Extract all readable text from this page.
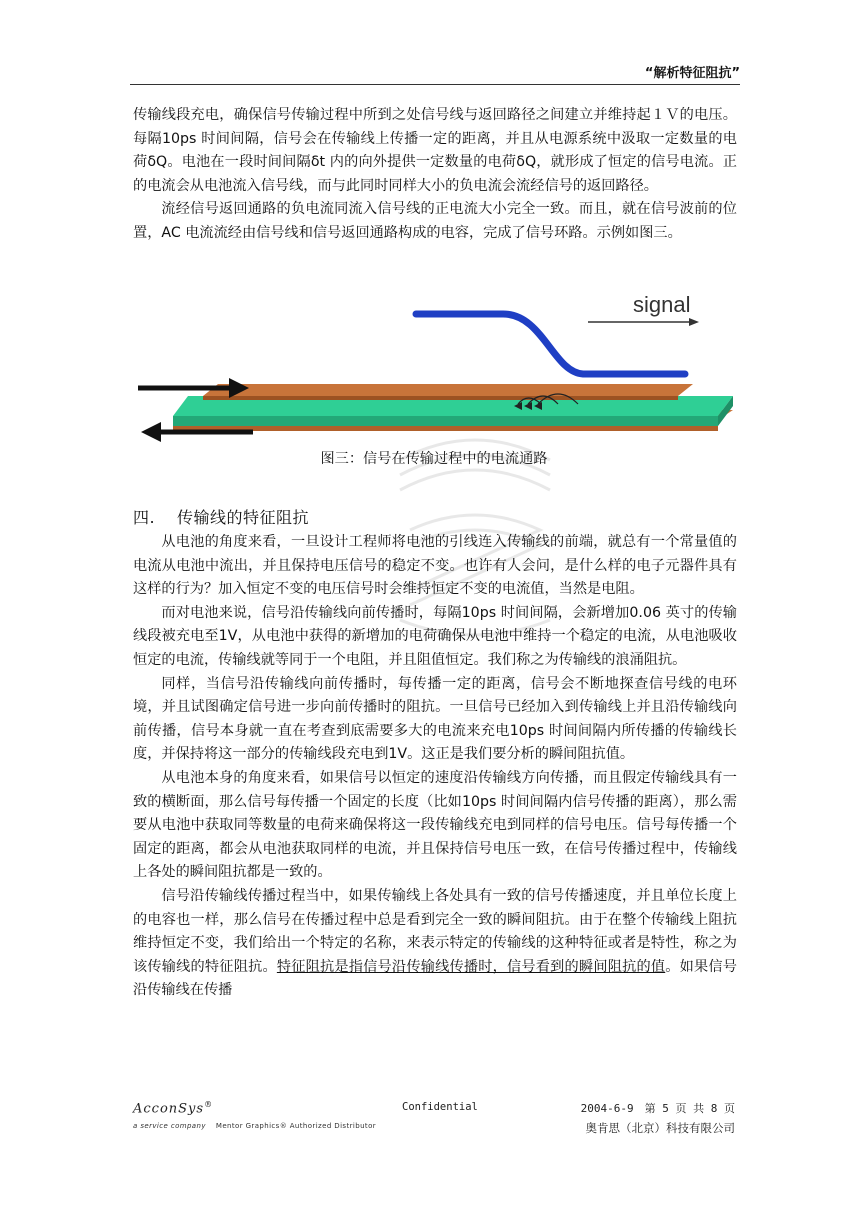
“解析特征阻抗”

传输线段充电，确保信号传输过程中所到之处信号线与返回路径之间建立并维持起１Ｖ的电压。每隔10ps 时间间隔，信号会在传输线上传播一定的距离，并且从电源系统中汲取一定数量的电荷δQ。电池在一段时间间隔δt 内的向外提供一定数量的电荷δQ，就形成了恒定的信号电流。正的电流会从电池流入信号线，而与此同时同样大小的负电流会流经信号的返回路径。

流经信号返回通路的负电流同流入信号线的正电流大小完全一致。而且，就在信号波前的位置，AC 电流流经由信号线和信号返回通路构成的电容，完成了信号环路。示例如图三。

signal
图三：信号在传输过程中的电流通路
四. 传输线的特征阻抗

从电池的角度来看，一旦设计工程师将电池的引线连入传输线的前端，就总有一个常量值的电流从电池中流出，并且保持电压信号的稳定不变。也许有人会问，是什么样的电子元器件具有这样的行为？加入恒定不变的电压信号时会维持恒定不变的电流值，当然是电阻。

而对电池来说，信号沿传输线向前传播时，每隔10ps 时间间隔，会新增加0.06 英寸的传输线段被充电至1V，从电池中获得的新增加的电荷确保从电池中维持一个稳定的电流，从电池吸收恒定的电流，传输线就等同于一个电阻，并且阻值恒定。我们称之为传输线的浪涌阻抗。

同样，当信号沿传输线向前传播时，每传播一定的距离，信号会不断地探查信号线的电环境，并且试图确定信号进一步向前传播时的阻抗。一旦信号已经加入到传输线上并且沿传输线向前传播，信号本身就一直在考查到底需要多大的电流来充电10ps 时间间隔内所传播的传输线长度，并保持将这一部分的传输线段充电到1V。这正是我们要分析的瞬间阻抗值。

从电池本身的角度来看，如果信号以恒定的速度沿传输线方向传播，而且假定传输线具有一致的横断面，那么信号每传播一个固定的长度（比如10ps 时间间隔内信号传播的距离），那么需要从电池中获取同等数量的电荷来确保将这一段传输线充电到同样的信号电压。信号每传播一个固定的距离，都会从电池获取同样的电流，并且保持信号电压一致，在信号传播过程中，传输线上各处的瞬间阻抗都是一致的。

信号沿传输线传播过程当中，如果传输线上各处具有一致的信号传播速度，并且单位长度上的电容也一样，那么信号在传播过程中总是看到完全一致的瞬间阻抗。由于在整个传输线上阻抗维持恒定不变，我们给出一个特定的名称，来表示特定的传输线的这种特征或者是特性，称之为该传输线的特征阻抗。特征阻抗是指信号沿传输线传播时，信号看到的瞬间阻抗的值。如果信号沿传输线在传播

AcconSys®
a service company Mentor Graphics® Authorized Distributor
Confidential	2004-6-9　第 5 页 共 8 页
奥肯思（北京）科技有限公司
